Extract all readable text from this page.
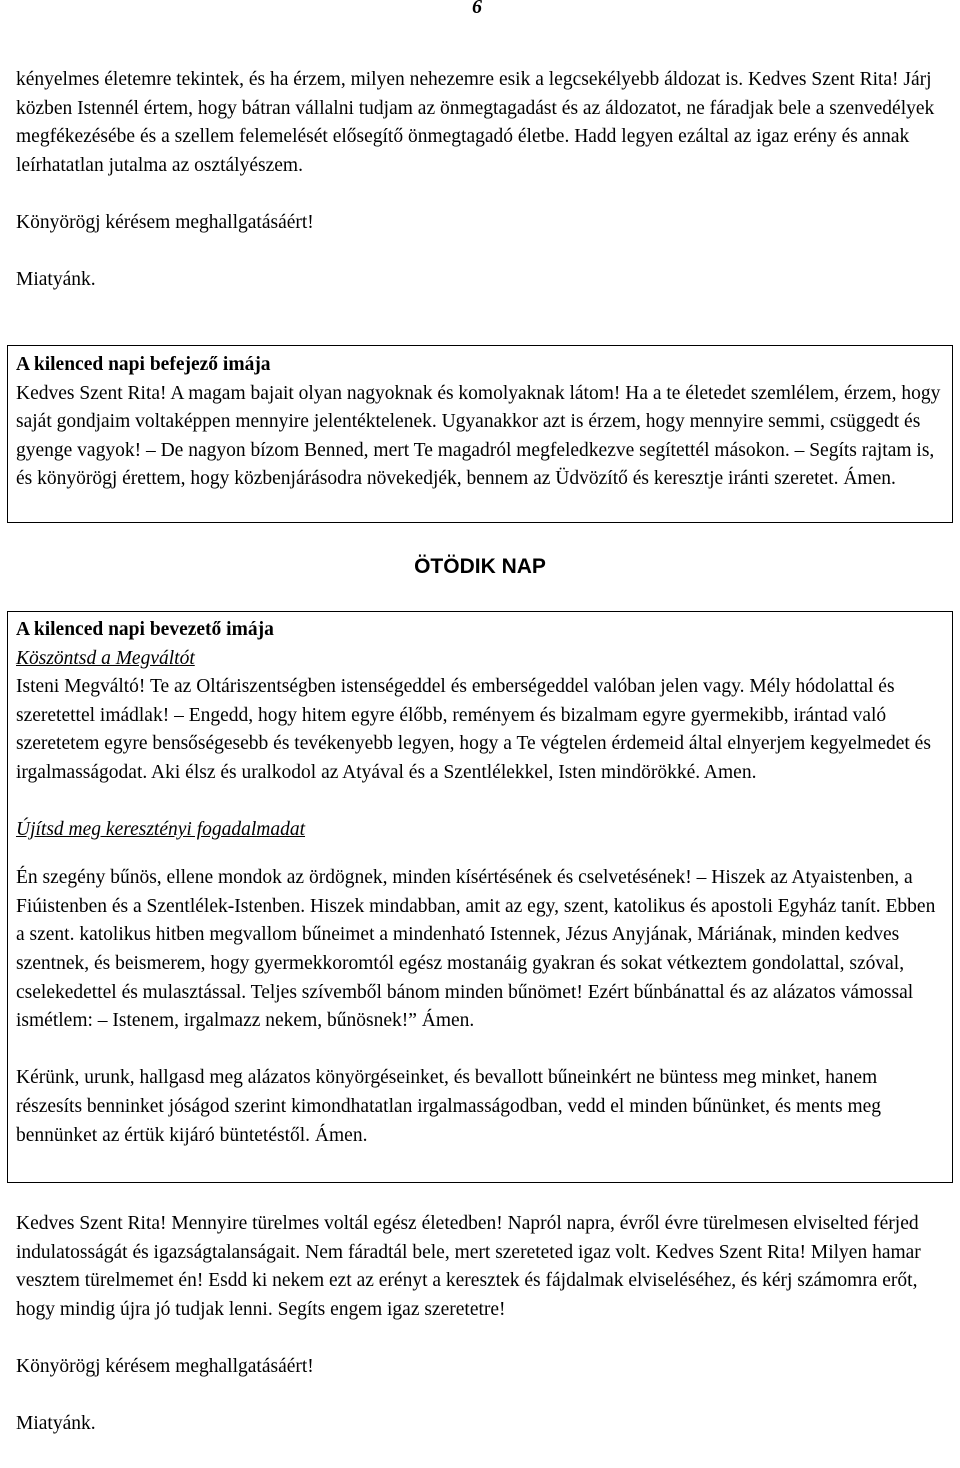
6

kényelmes életemre tekintek, és ha érzem, milyen nehezemre esik a legcsekélyebb áldozat is. Kedves Szent Rita! Járj közben Istennél értem, hogy bátran vállalni tudjam az önmegtagadást és az áldozatot, ne fáradjak bele a szenvedélyek megfékezésébe és a szellem felemelését elősegítő önmegtagadó életbe. Hadd legyen ezáltal az igaz erény és annak leírhatatlan jutalma az osztályészem.

Könyörögj kérésem meghallgatásáért!

Miatyánk.

A kilenced napi befejező imája

Kedves Szent Rita! A magam bajait olyan nagyoknak és komolyaknak látom! Ha a te életedet szemlélem, érzem, hogy saját gondjaim voltaképpen mennyire jelentéktelenek. Ugyanakkor azt is érzem, hogy mennyire semmi, csüggedt és gyenge vagyok! – De nagyon bízom Benned, mert Te magadról megfeledkezve segítettél másokon. – Segíts rajtam is, és könyörögj érettem, hogy közbenjárásodra növekedjék, bennem az Üdvözítő és keresztje iránti szeretet. Ámen.

ÖTÖDIK NAP

A kilenced napi bevezető imája

Köszöntsd a Megváltót

Isteni Megváltó! Te az Oltáriszentségben istenségeddel és emberségeddel valóban jelen vagy. Mély hódolattal és szeretettel imádlak! – Engedd, hogy hitem egyre élőbb, reményem és bizalmam egyre gyermekibb, irántad való szeretetem egyre bensőségesebb és tevékenyebb legyen, hogy a Te végtelen érdemeid által elnyerjem kegyelmedet és irgalmasságodat. Aki élsz és uralkodol az Atyával és a Szentlélekkel, Isten mindörökké. Amen.

Újítsd meg keresztényi fogadalmadat

Én szegény bűnös, ellene mondok az ördögnek, minden kísértésének és cselvetésének! – Hiszek az Atyaistenben, a Fiúistenben és a Szentlélek-Istenben. Hiszek mindabban, amit az egy, szent, katolikus és apostoli Egyház tanít. Ebben a szent. katolikus hitben megvallom bűneimet a mindenható Istennek, Jézus Anyjának, Máriának, minden kedves szentnek, és beismerem, hogy gyermekkoromtól egész mostanáig gyakran és sokat vétkeztem gondolattal, szóval, cselekedettel és mulasztással. Teljes szívemből bánom minden bűnömet! Ezért bűnbánattal és az alázatos vámossal ismétlem: – Istenem, irgalmazz nekem, bűnösnek!” Ámen.

Kérünk, urunk, hallgasd meg alázatos könyörgéseinket, és bevallott bűneinkért ne büntess meg minket, hanem részesíts benninket jóságod szerint kimondhatatlan irgalmasságodban, vedd el minden bűnünket, és ments meg bennünket az értük kijáró büntetéstől. Ámen.

Kedves Szent Rita! Mennyire türelmes voltál egész életedben! Napról napra, évről évre türelmesen elviselted férjed indulatosságát és igazságtalanságait. Nem fáradtál bele, mert szereteted igaz volt. Kedves Szent Rita! Milyen hamar vesztem türelmemet én! Esdd ki nekem ezt az erényt a keresztek és fájdalmak elviseléséhez, és kérj számomra erőt, hogy mindig újra jó tudjak lenni. Segíts engem igaz szeretetre!

Könyörögj kérésem meghallgatásáért!

Miatyánk.
